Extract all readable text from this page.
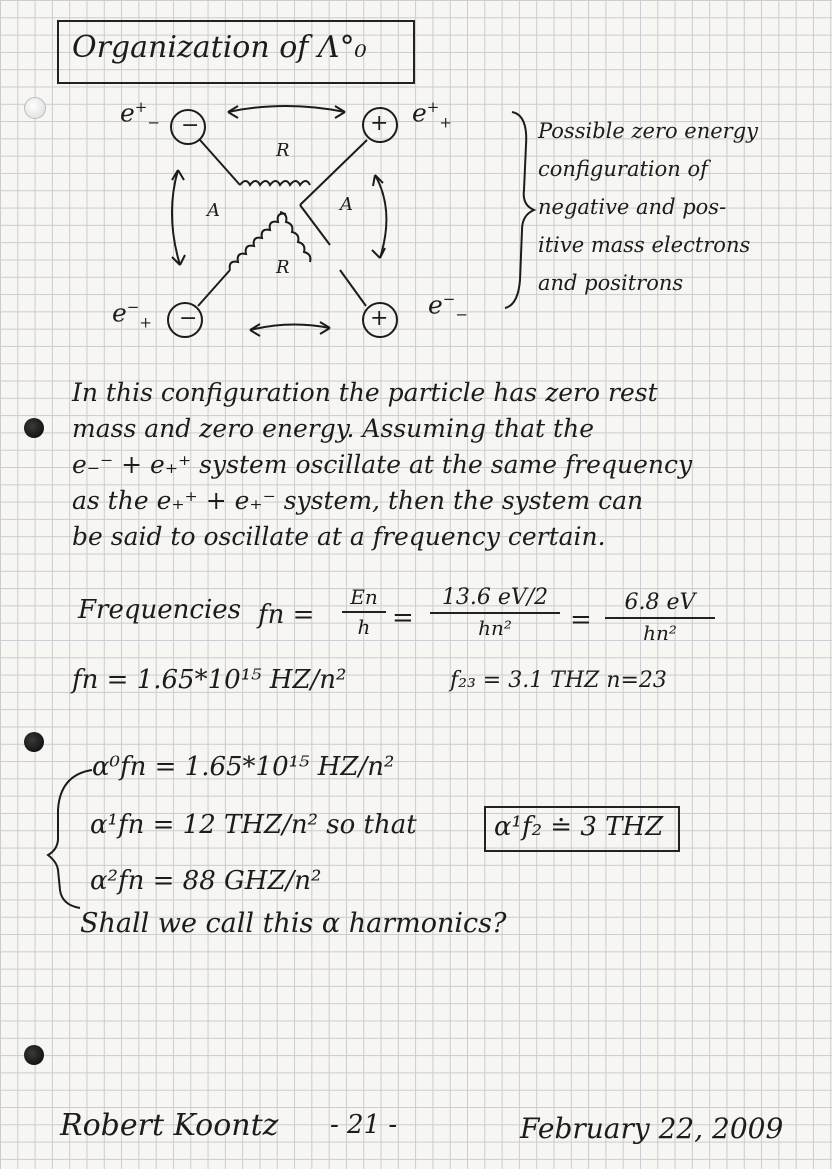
Organization of Λ°₀
$e^+_-$	$e^+_+$
$e^-_+$
$e^-_-$
−	+
−	+
R
R
A	A
Possible zero energy
configuration of
negative and pos-
itive mass electrons
and positrons
In this configuration the particle has zero rest
mass and zero energy. Assuming that the
e₋⁻ + e₊⁺ system oscillate at the same frequency
as the e₊⁺ + e₊⁻ system, then the system can
be said to oscillate at a frequency certain.
Frequencies fn =
En
h =
13.6 eV/2
hn²	=
6.8 eV
hn²
fn = 1.65*10¹⁵ HZ/n²	f₂₃ = 3.1 THZ n=23
α⁰fn = 1.65*10¹⁵ HZ/n²
α¹fn = 12 THZ/n² so that	α¹f₂ ≐ 3 THZ
α²fn = 88 GHZ/n²
Shall we call this α harmonics?
Robert Koontz - 21 -	February 22, 2009
